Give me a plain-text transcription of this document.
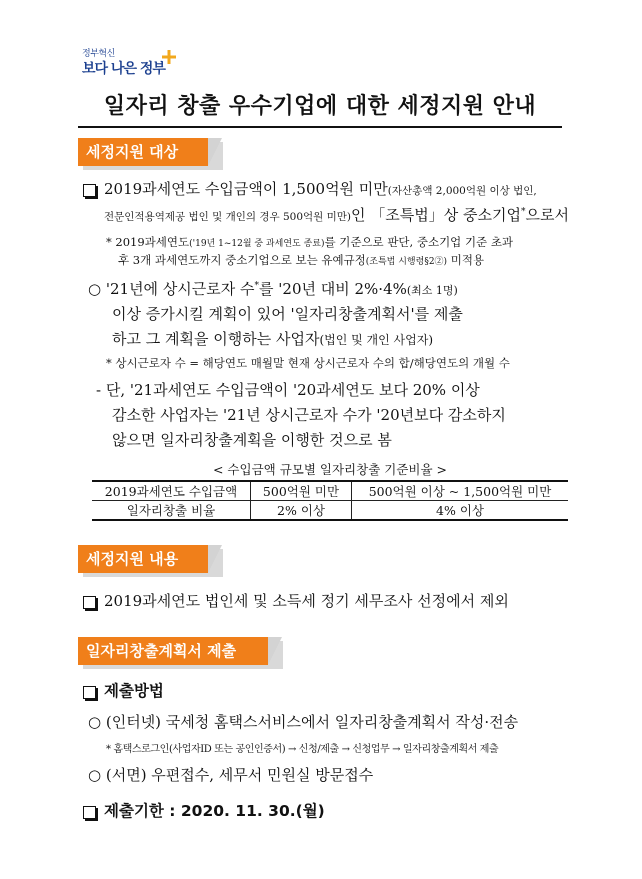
정부혁신
보다 나은 정부
일자리 창출 우수기업에 대한 세정지원 안내
세정지원 대상
2019과세연도 수입금액이 1,500억원 미만(자산총액 2,000억원 이상 법인,
전문인적용역제공 법인 및 개인의 경우 500억원 미만)인 「조특법」상 중소기업*으로서
* 2019과세연도('19년 1~12월 중 과세연도 종료)를 기준으로 판단, 중소기업 기준 초과
후 3개 과세연도까지 중소기업으로 보는 유예규정(조특법 시행령§2②) 미적용
○ '21년에 상시근로자 수*를 '20년 대비 2%·4%(최소 1명)
이상 증가시킬 계획이 있어 '일자리창출계획서'를 제출
하고 그 계획을 이행하는 사업자(법인 및 개인 사업자)
* 상시근로자 수 = 해당연도 매월말 현재 상시근로자 수의 합/해당연도의 개월 수
- 단, '21과세연도 수입금액이 '20과세연도 보다 20% 이상
감소한 사업자는 '21년 상시근로자 수가 '20년보다 감소하지
않으면 일자리창출계획을 이행한 것으로 봄
< 수입금액 규모별 일자리창출 기준비율 >
2019과세연도 수입금액	500억원 미만	500억원 이상 ~ 1,500억원 미만
일자리창출 비율	2% 이상	4% 이상
세정지원 내용
2019과세연도 법인세 및 소득세 정기 세무조사 선정에서 제외
일자리창출계획서 제출
제출방법
○ (인터넷) 국세청 홈택스서비스에서 일자리창출계획서 작성·전송
* 홈택스로그인(사업자ID 또는 공인인증서) → 신청/제출 → 신청업무 → 일자리창출계획서 제출
○ (서면) 우편접수, 세무서 민원실 방문접수
제출기한 : 2020. 11. 30.(월)
